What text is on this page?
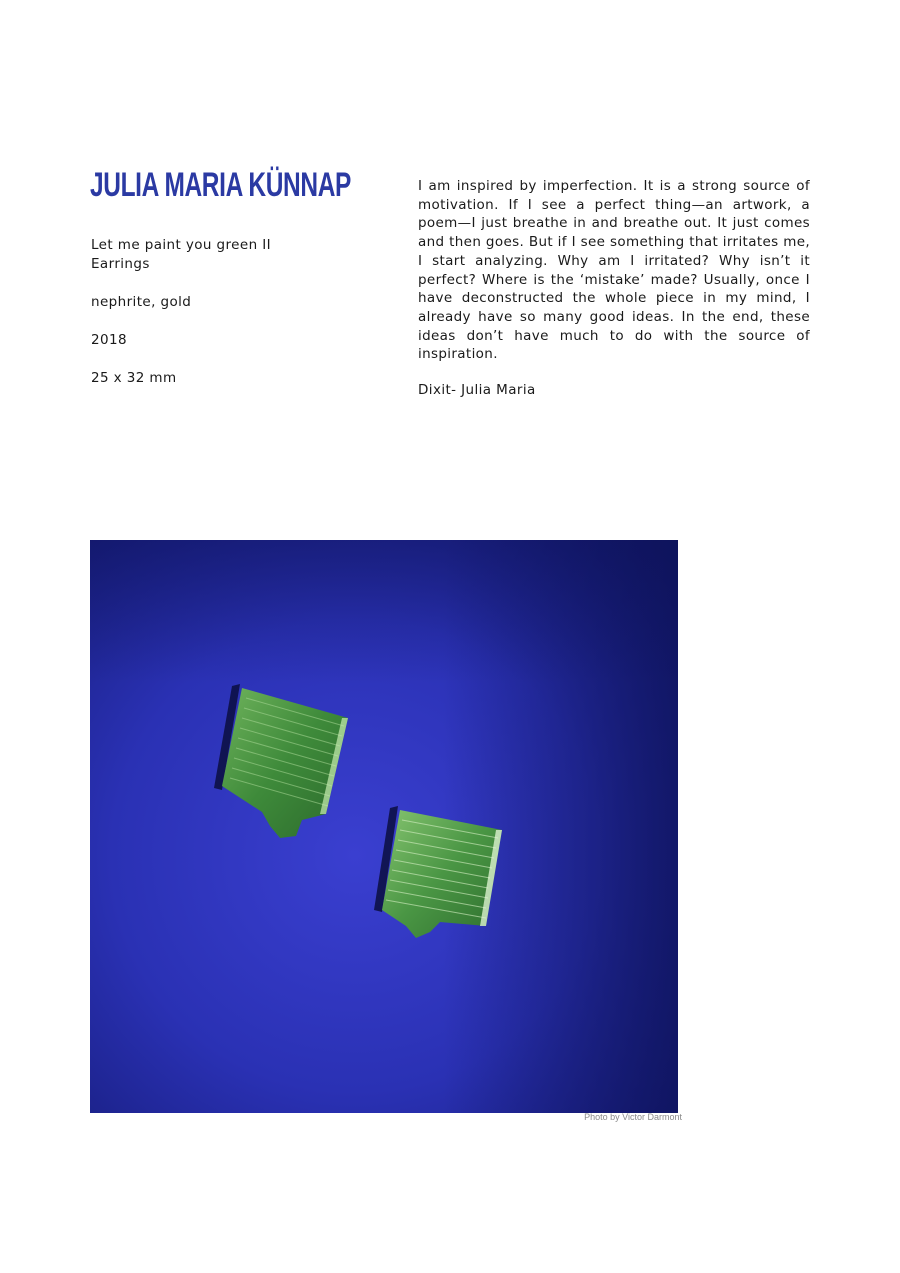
JULIA MARIA KÜNNAP
Let me paint you green II
Earrings
nephrite, gold
2018
25 x 32 mm

I am inspired by imperfection. It is a strong source of motivation. If I see a perfect thing—an artwork, a poem—I just breathe in and breathe out. It just comes and then goes. But if I see something that irritates me, I start analyzing. Why am I irritated? Why isn’t it perfect? Where is the ‘mistake’ made? Usually, once I have deconstructed the whole piece in my mind, I already have so many good ideas. In the end, these ideas don’t have much to do with the source of inspiration.

Dixit- Julia Maria
Photo by Victor Darmont
